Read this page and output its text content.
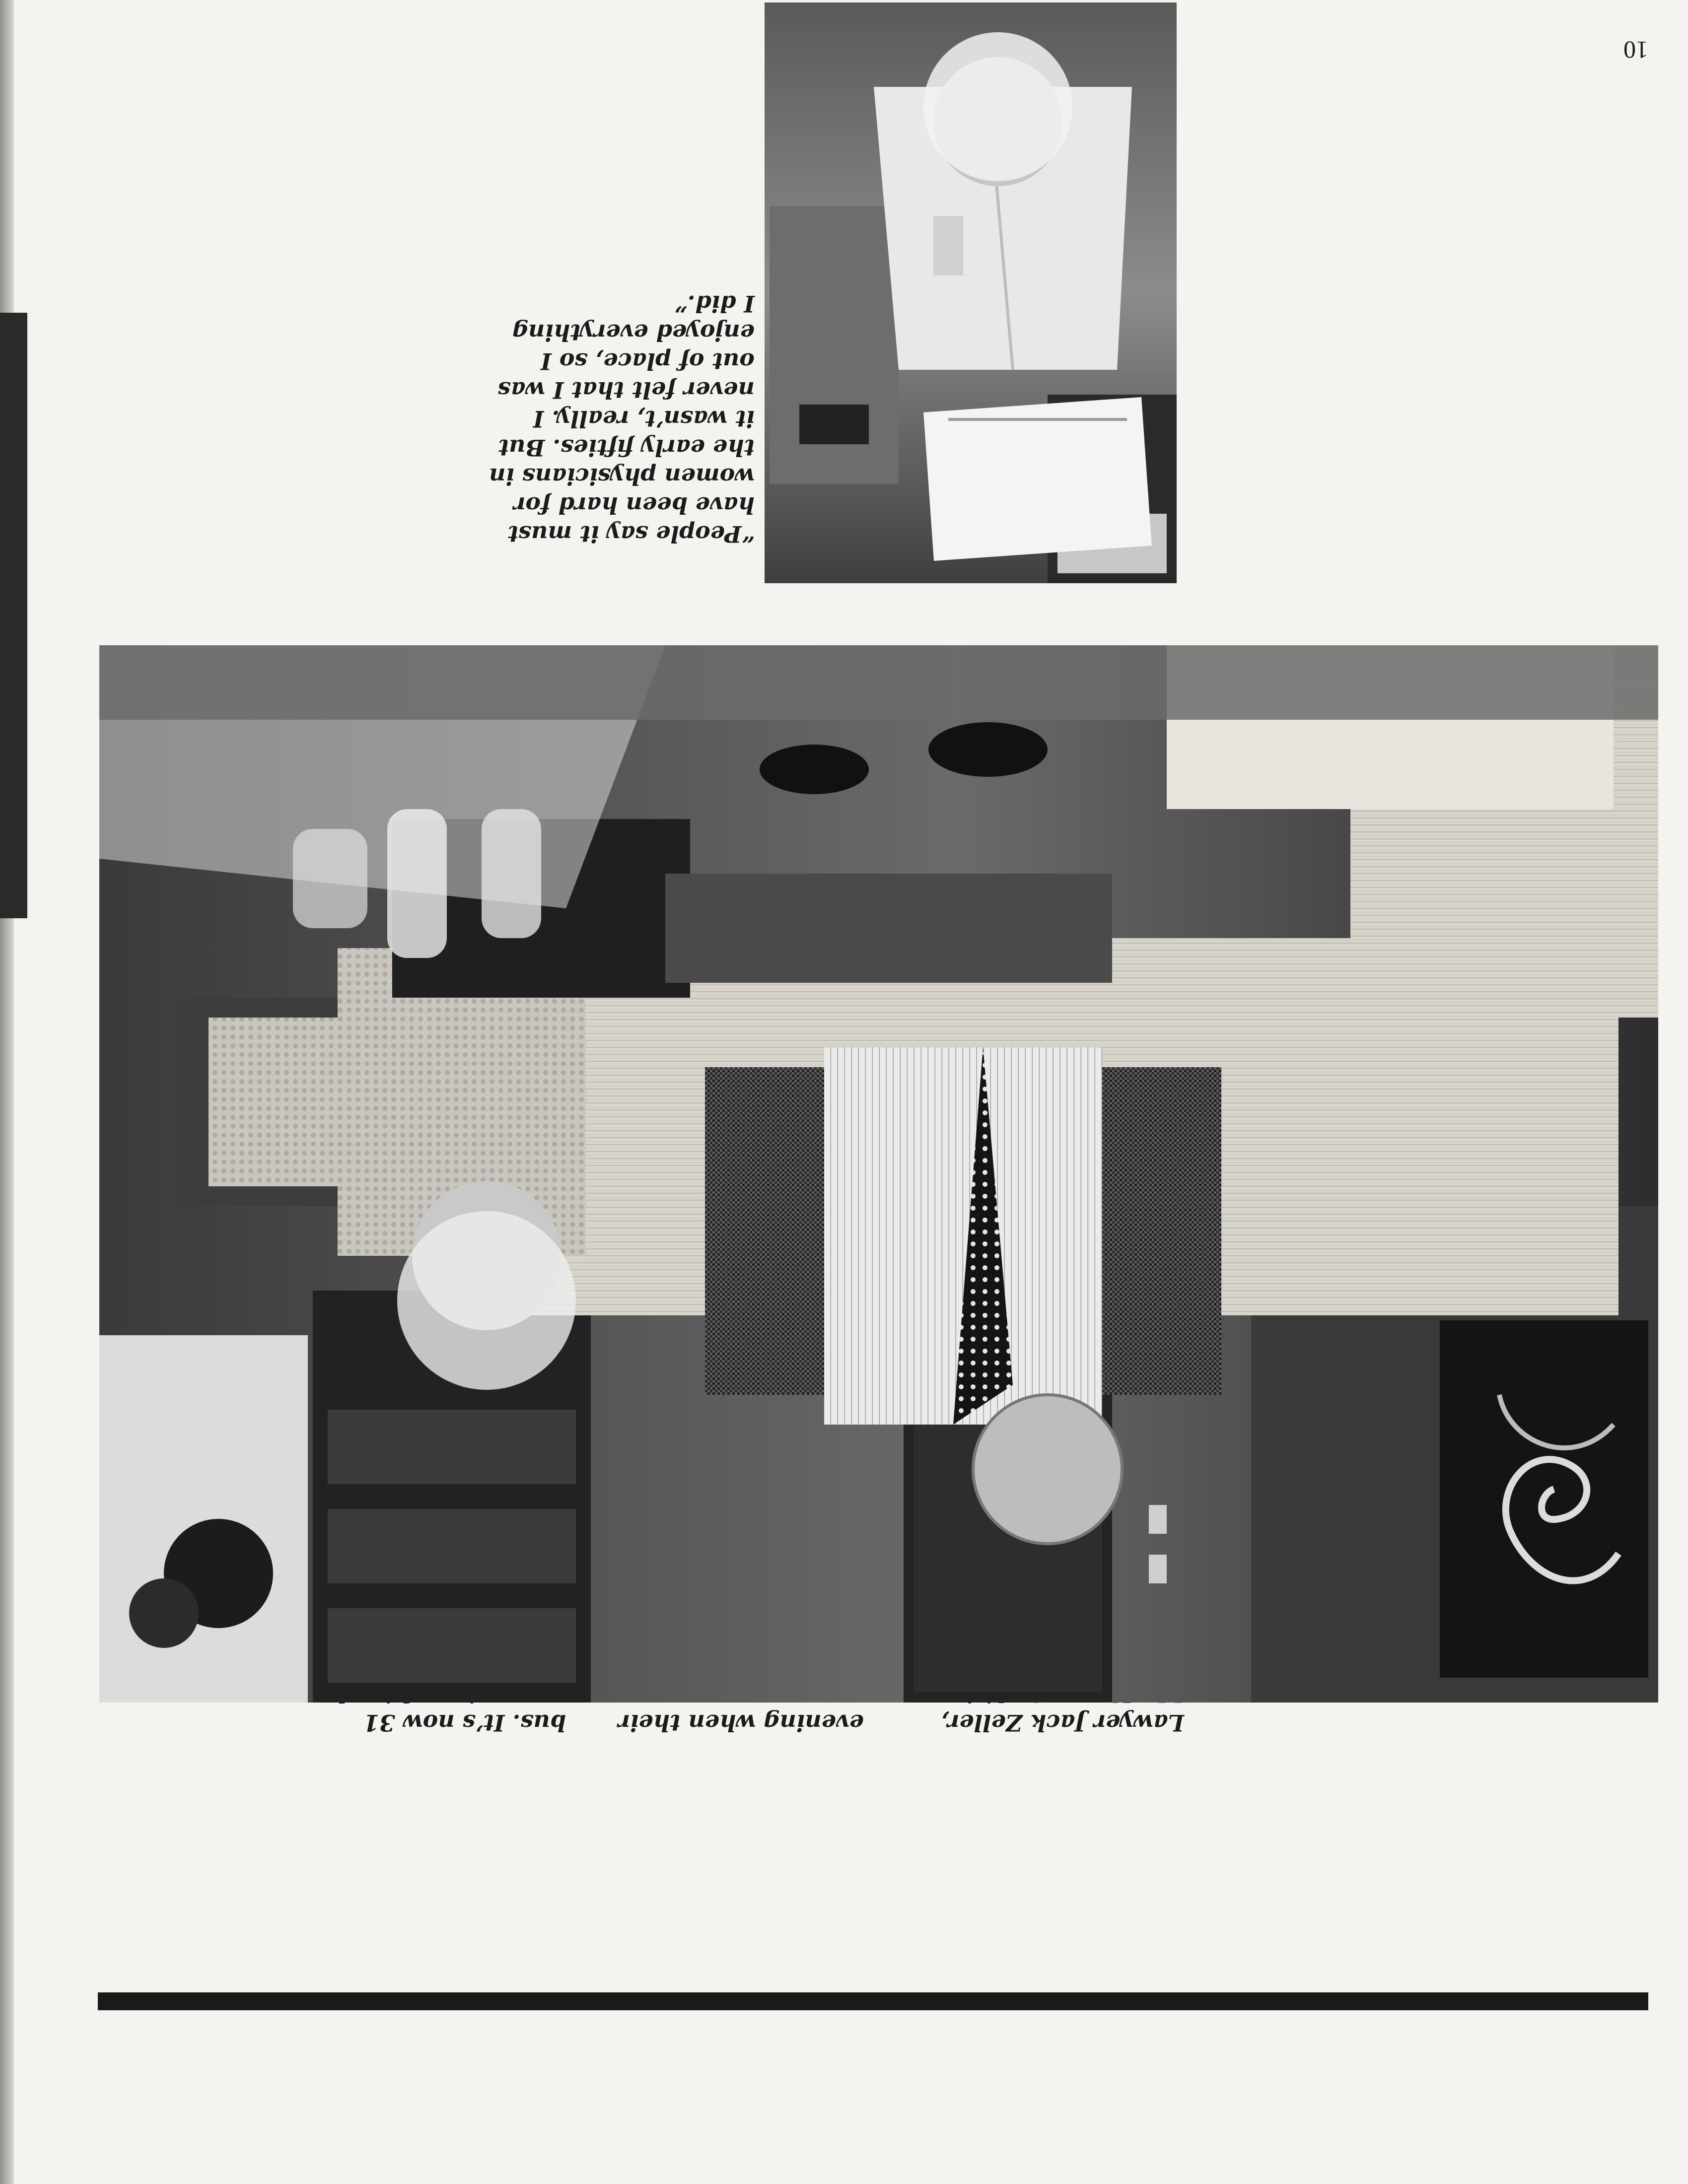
Lawyer Jack Zeller,

evening when their

bus. It’s now 31

“People say it must
have been hard for
women physicians in
the early fifties. But
it wasn’t, really. I
never felt that I was
out of place, so I
enjoyed everything
I did.”

10
